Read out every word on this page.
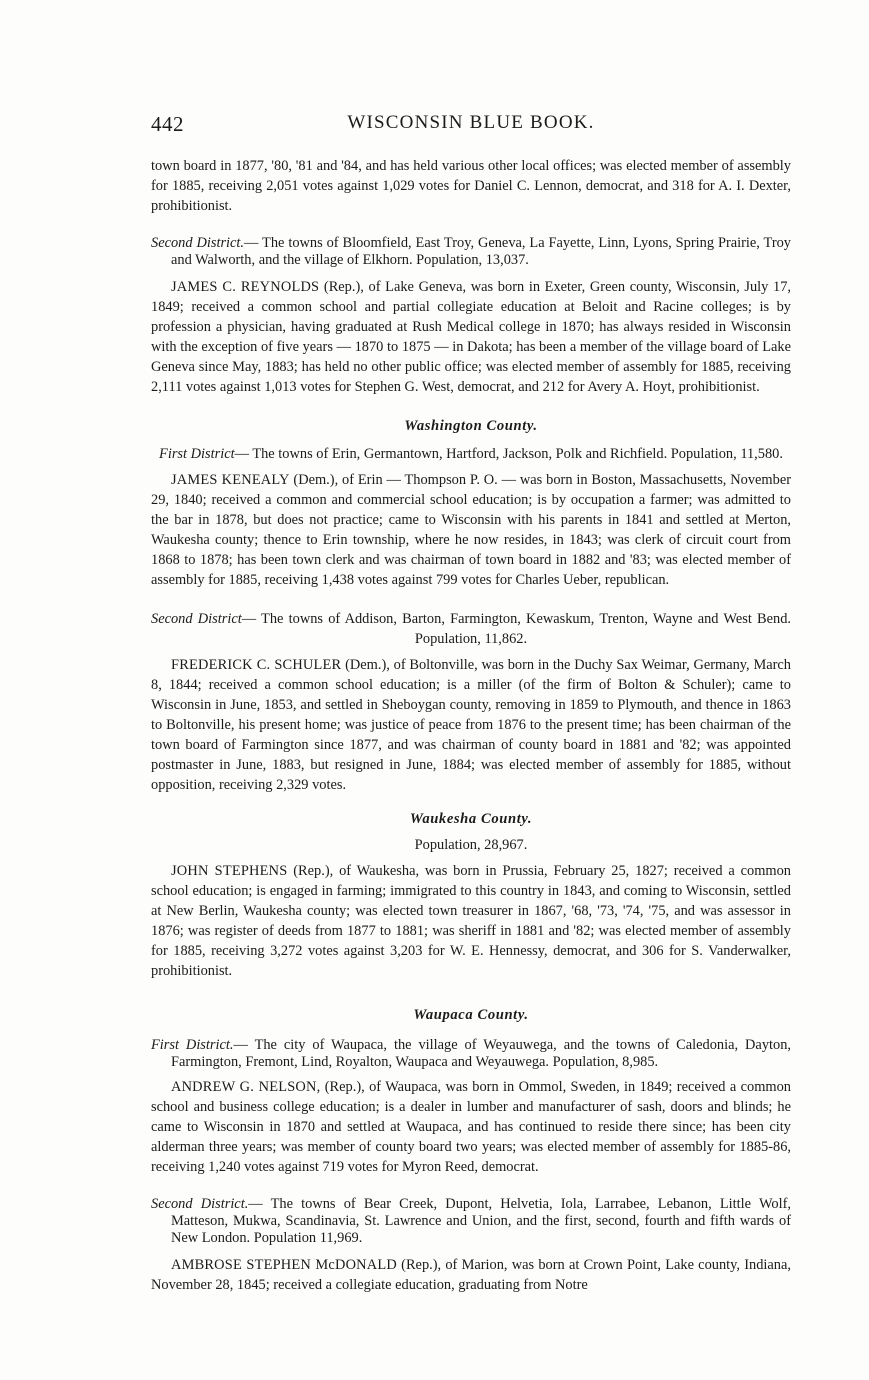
442	WISCONSIN BLUE BOOK.

town board in 1877, '80, '81 and '84, and has held various other local offices; was elected member of assembly for 1885, receiving 2,051 votes against 1,029 votes for Daniel C. Lennon, democrat, and 318 for A. I. Dexter, prohibitionist.

Second District.— The towns of Bloomfield, East Troy, Geneva, La Fayette, Linn, Lyons, Spring Prairie, Troy and Walworth, and the village of Elkhorn. Population, 13,037.

JAMES C. REYNOLDS (Rep.), of Lake Geneva, was born in Exeter, Green county, Wisconsin, July 17, 1849; received a common school and partial collegiate education at Beloit and Racine colleges; is by profession a physician, having graduated at Rush Medical college in 1870; has always resided in Wisconsin with the exception of five years — 1870 to 1875 — in Dakota; has been a member of the village board of Lake Geneva since May, 1883; has held no other public office; was elected member of assembly for 1885, receiving 2,111 votes against 1,013 votes for Stephen G. West, democrat, and 212 for Avery A. Hoyt, prohibitionist.

Washington County.

First District— The towns of Erin, Germantown, Hartford, Jackson, Polk and Richfield. Population, 11,580.

JAMES KENEALY (Dem.), of Erin — Thompson P. O. — was born in Boston, Massachusetts, November 29, 1840; received a common and commercial school education; is by occupation a farmer; was admitted to the bar in 1878, but does not practice; came to Wisconsin with his parents in 1841 and settled at Merton, Waukesha county; thence to Erin township, where he now resides, in 1843; was clerk of circuit court from 1868 to 1878; has been town clerk and was chairman of town board in 1882 and '83; was elected member of assembly for 1885, receiving 1,438 votes against 799 votes for Charles Ueber, republican.

Second District— The towns of Addison, Barton, Farmington, Kewaskum, Trenton, Wayne and West Bend. Population, 11,862.

FREDERICK C. SCHULER (Dem.), of Boltonville, was born in the Duchy Sax Weimar, Germany, March 8, 1844; received a common school education; is a miller (of the firm of Bolton & Schuler); came to Wisconsin in June, 1853, and settled in Sheboygan county, removing in 1859 to Plymouth, and thence in 1863 to Boltonville, his present home; was justice of peace from 1876 to the present time; has been chairman of the town board of Farmington since 1877, and was chairman of county board in 1881 and '82; was appointed postmaster in June, 1883, but resigned in June, 1884; was elected member of assembly for 1885, without opposition, receiving 2,329 votes.

Waukesha County.

Population, 28,967.

JOHN STEPHENS (Rep.), of Waukesha, was born in Prussia, February 25, 1827; received a common school education; is engaged in farming; immigrated to this country in 1843, and coming to Wisconsin, settled at New Berlin, Waukesha county; was elected town treasurer in 1867, '68, '73, '74, '75, and was assessor in 1876; was register of deeds from 1877 to 1881; was sheriff in 1881 and '82; was elected member of assembly for 1885, receiving 3,272 votes against 3,203 for W. E. Hennessy, democrat, and 306 for S. Vanderwalker, prohibitionist.

Waupaca County.

First District.— The city of Waupaca, the village of Weyauwega, and the towns of Caledonia, Dayton, Farmington, Fremont, Lind, Royalton, Waupaca and Weyauwega. Population, 8,985.

ANDREW G. NELSON, (Rep.), of Waupaca, was born in Ommol, Sweden, in 1849; received a common school and business college education; is a dealer in lumber and manufacturer of sash, doors and blinds; he came to Wisconsin in 1870 and settled at Waupaca, and has continued to reside there since; has been city alderman three years; was member of county board two years; was elected member of assembly for 1885-86, receiving 1,240 votes against 719 votes for Myron Reed, democrat.

Second District.— The towns of Bear Creek, Dupont, Helvetia, Iola, Larrabee, Lebanon, Little Wolf, Matteson, Mukwa, Scandinavia, St. Lawrence and Union, and the first, second, fourth and fifth wards of New London. Population 11,969.

AMBROSE STEPHEN McDONALD (Rep.), of Marion, was born at Crown Point, Lake county, Indiana, November 28, 1845; received a collegiate education, graduating from Notre
